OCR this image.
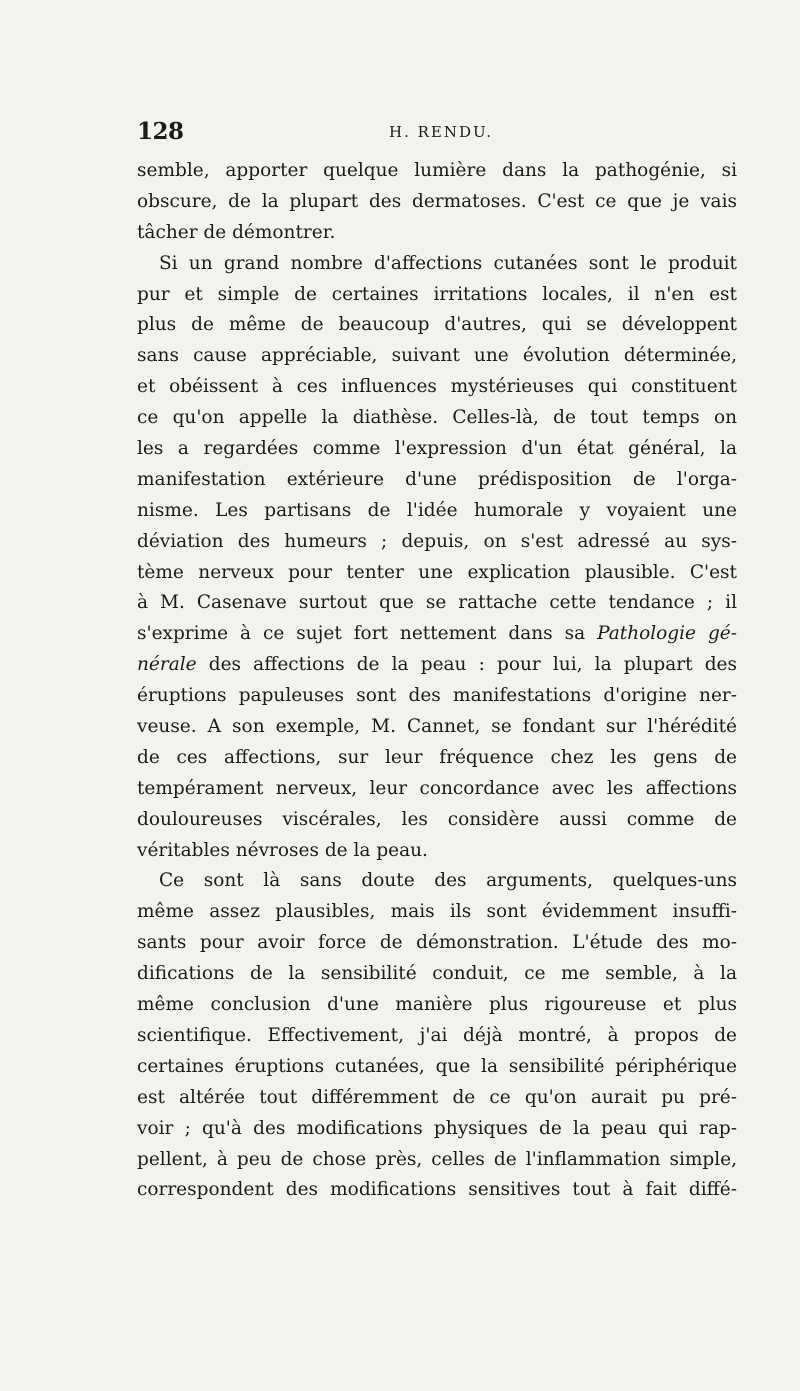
128	H. RENDU.
semble, apporter quelque lumière dans la pathogénie, si
obscure, de la plupart des dermatoses. C'est ce que je vais
tâcher de démontrer.
Si un grand nombre d'affections cutanées sont le produit
pur et simple de certaines irritations locales, il n'en est
plus de même de beaucoup d'autres, qui se développent
sans cause appréciable, suivant une évolution déterminée,
et obéissent à ces influences mystérieuses qui constituent
ce qu'on appelle la diathèse. Celles-là, de tout temps on
les a regardées comme l'expression d'un état général, la
manifestation extérieure d'une prédisposition de l'orga-
nisme. Les partisans de l'idée humorale y voyaient une
déviation des humeurs ; depuis, on s'est adressé au sys-
tème nerveux pour tenter une explication plausible. C'est
à M. Casenave surtout que se rattache cette tendance ; il
s'exprime à ce sujet fort nettement dans sa Pathologie gé-
nérale des affections de la peau : pour lui, la plupart des
éruptions papuleuses sont des manifestations d'origine ner-
veuse. A son exemple, M. Cannet, se fondant sur l'hérédité
de ces affections, sur leur fréquence chez les gens de
tempérament nerveux, leur concordance avec les affections
douloureuses viscérales, les considère aussi comme de
véritables névroses de la peau.
Ce sont là sans doute des arguments, quelques-uns
même assez plausibles, mais ils sont évidemment insuffi-
sants pour avoir force de démonstration. L'étude des mo-
difications de la sensibilité conduit, ce me semble, à la
même conclusion d'une manière plus rigoureuse et plus
scientifique. Effectivement, j'ai déjà montré, à propos de
certaines éruptions cutanées, que la sensibilité périphérique
est altérée tout différemment de ce qu'on aurait pu pré-
voir ; qu'à des modifications physiques de la peau qui rap-
pellent, à peu de chose près, celles de l'inflammation simple,
correspondent des modifications sensitives tout à fait diffé-
